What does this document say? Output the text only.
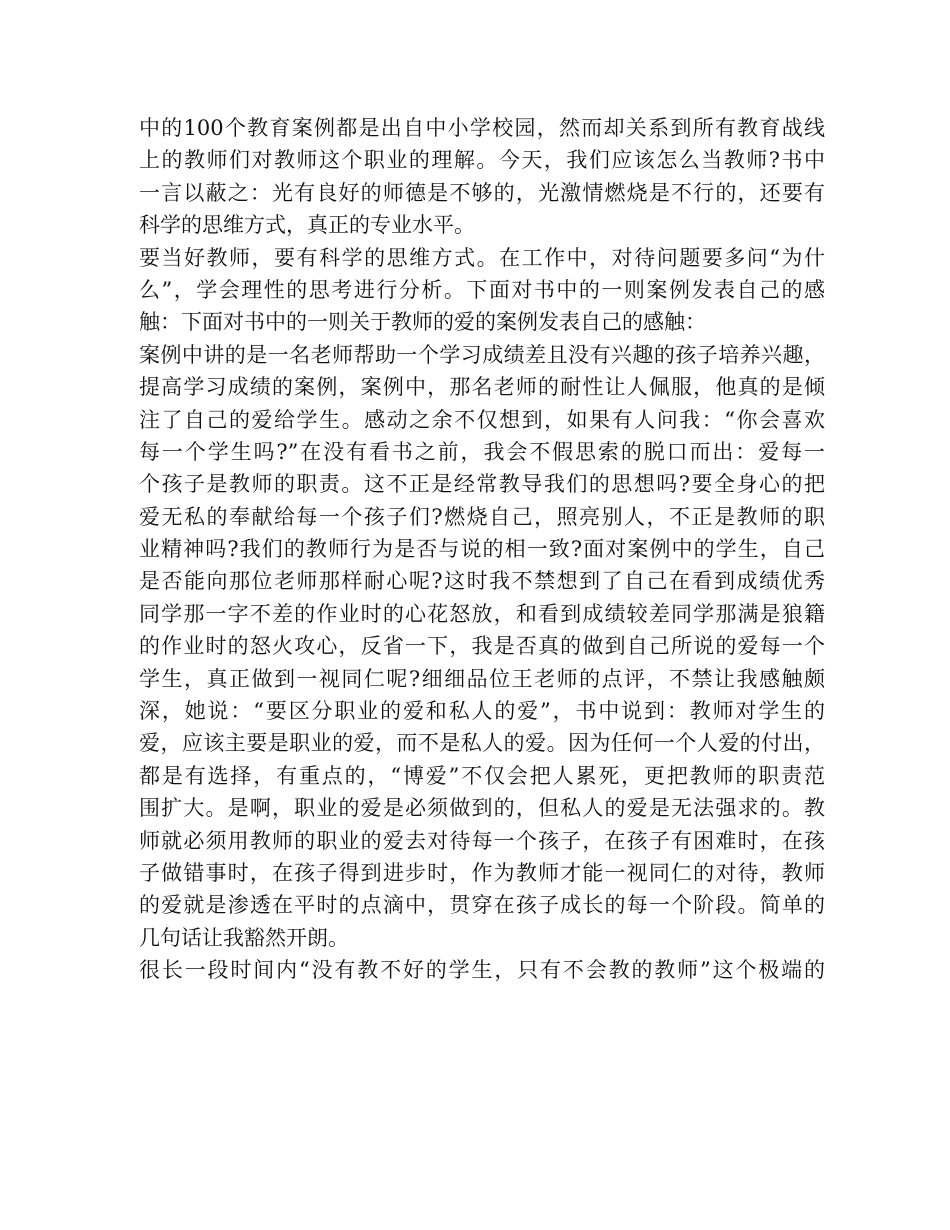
中的100个教育案例都是出自中小学校园，然而却关系到所有教育战线
上的教师们对教师这个职业的理解。今天，我们应该怎么当教师?书中
一言以蔽之：光有良好的师德是不够的，光激情燃烧是不行的，还要有
科学的思维方式，真正的专业水平。
要当好教师，要有科学的思维方式。在工作中，对待问题要多问“为什
么”，学会理性的思考进行分析。下面对书中的一则案例发表自己的感
触：下面对书中的一则关于教师的爱的案例发表自己的感触：
案例中讲的是一名老师帮助一个学习成绩差且没有兴趣的孩子培养兴趣，
提高学习成绩的案例，案例中，那名老师的耐性让人佩服，他真的是倾
注了自己的爱给学生。感动之余不仅想到，如果有人问我：“你会喜欢
每一个学生吗?”在没有看书之前，我会不假思索的脱口而出：爱每一
个孩子是教师的职责。这不正是经常教导我们的思想吗?要全身心的把
爱无私的奉献给每一个孩子们?燃烧自己，照亮别人，不正是教师的职
业精神吗?我们的教师行为是否与说的相一致?面对案例中的学生，自己
是否能向那位老师那样耐心呢?这时我不禁想到了自己在看到成绩优秀
同学那一字不差的作业时的心花怒放，和看到成绩较差同学那满是狼籍
的作业时的怒火攻心，反省一下，我是否真的做到自己所说的爱每一个
学生，真正做到一视同仁呢?细细品位王老师的点评，不禁让我感触颇
深，她说：“要区分职业的爱和私人的爱”，书中说到：教师对学生的
爱，应该主要是职业的爱，而不是私人的爱。因为任何一个人爱的付出，
都是有选择，有重点的，“博爱”不仅会把人累死，更把教师的职责范
围扩大。是啊，职业的爱是必须做到的，但私人的爱是无法强求的。教
师就必须用教师的职业的爱去对待每一个孩子，在孩子有困难时，在孩
子做错事时，在孩子得到进步时，作为教师才能一视同仁的对待，教师
的爱就是渗透在平时的点滴中，贯穿在孩子成长的每一个阶段。简单的
几句话让我豁然开朗。
很长一段时间内“没有教不好的学生，只有不会教的教师”这个极端的
